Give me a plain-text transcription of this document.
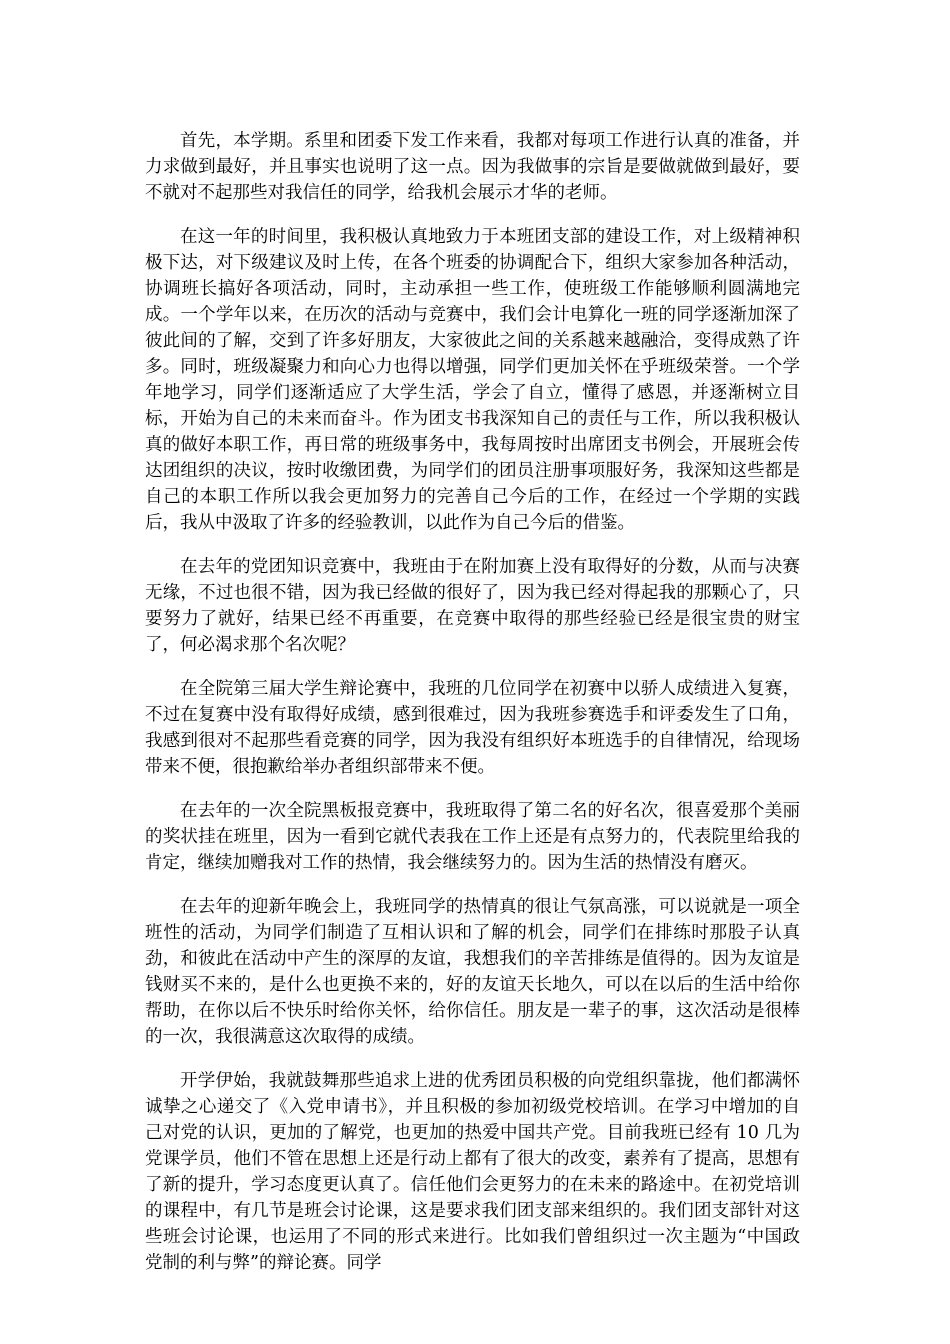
首先，本学期。系里和团委下发工作来看，我都对每项工作进行认真的准备，并力求做到最好，并且事实也说明了这一点。因为我做事的宗旨是要做就做到最好，要不就对不起那些对我信任的同学，给我机会展示才华的老师。

在这一年的时间里，我积极认真地致力于本班团支部的建设工作，对上级精神积极下达，对下级建议及时上传，在各个班委的协调配合下，组织大家参加各种活动，协调班长搞好各项活动，同时，主动承担一些工作，使班级工作能够顺利圆满地完成。一个学年以来，在历次的活动与竞赛中，我们会计电算化一班的同学逐渐加深了彼此间的了解，交到了许多好朋友，大家彼此之间的关系越来越融洽，变得成熟了许多。同时，班级凝聚力和向心力也得以增强，同学们更加关怀在乎班级荣誉。一个学年地学习，同学们逐渐适应了大学生活，学会了自立，懂得了感恩，并逐渐树立目标，开始为自己的未来而奋斗。作为团支书我深知自己的责任与工作，所以我积极认真的做好本职工作，再日常的班级事务中，我每周按时出席团支书例会，开展班会传达团组织的决议，按时收缴团费，为同学们的团员注册事项服好务，我深知这些都是自己的本职工作所以我会更加努力的完善自己今后的工作，在经过一个学期的实践后，我从中汲取了许多的经验教训，以此作为自己今后的借鉴。

在去年的党团知识竞赛中，我班由于在附加赛上没有取得好的分数，从而与决赛无缘，不过也很不错，因为我已经做的很好了，因为我已经对得起我的那颗心了，只要努力了就好，结果已经不再重要，在竞赛中取得的那些经验已经是很宝贵的财宝了，何必渴求那个名次呢？

在全院第三届大学生辩论赛中，我班的几位同学在初赛中以骄人成绩进入复赛，不过在复赛中没有取得好成绩，感到很难过，因为我班参赛选手和评委发生了口角，我感到很对不起那些看竞赛的同学，因为我没有组织好本班选手的自律情况，给现场带来不便，很抱歉给举办者组织部带来不便。

在去年的一次全院黑板报竞赛中，我班取得了第二名的好名次，很喜爱那个美丽的奖状挂在班里，因为一看到它就代表我在工作上还是有点努力的，代表院里给我的肯定，继续加赠我对工作的热情，我会继续努力的。因为生活的热情没有磨灭。

在去年的迎新年晚会上，我班同学的热情真的很让气氛高涨，可以说就是一项全班性的活动，为同学们制造了互相认识和了解的机会，同学们在排练时那股子认真劲，和彼此在活动中产生的深厚的友谊，我想我们的辛苦排练是值得的。因为友谊是钱财买不来的，是什么也更换不来的，好的友谊天长地久，可以在以后的生活中给你帮助，在你以后不快乐时给你关怀，给你信任。朋友是一辈子的事，这次活动是很棒的一次，我很满意这次取得的成绩。

开学伊始，我就鼓舞那些追求上进的优秀团员积极的向党组织靠拢，他们都满怀诚挚之心递交了《入党申请书》，并且积极的参加初级党校培训。在学习中增加的自己对党的认识，更加的了解党，也更加的热爱中国共产党。目前我班已经有 10 几为党课学员，他们不管在思想上还是行动上都有了很大的改变，素养有了提高，思想有了新的提升，学习态度更认真了。信任他们会更努力的在未来的路途中。在初党培训的课程中，有几节是班会讨论课，这是要求我们团支部来组织的。我们团支部针对这些班会讨论课，也运用了不同的形式来进行。比如我们曾组织过一次主题为“中国政党制的利与弊”的辩论赛。同学
